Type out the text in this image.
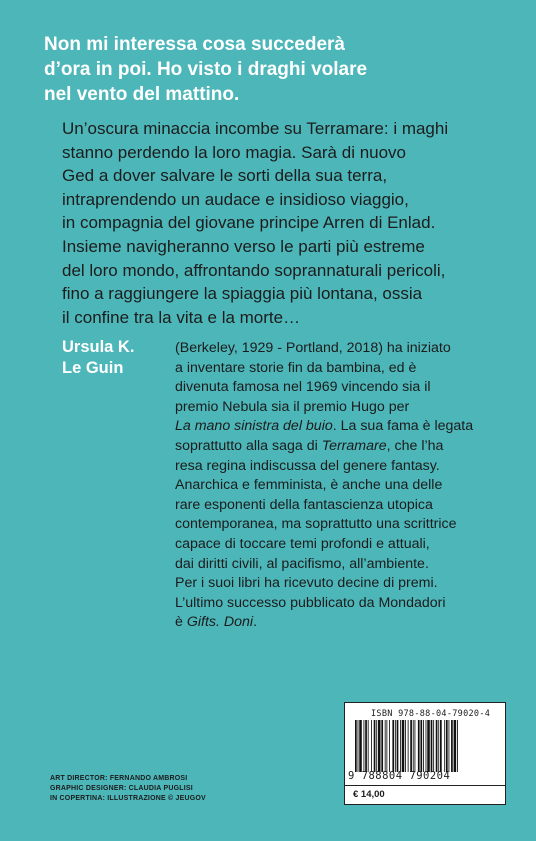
Non mi interessa cosa succederà
d’ora in poi. Ho visto i draghi volare
nel vento del mattino.
Un’oscura minaccia incombe su Terramare: i maghi
stanno perdendo la loro magia. Sarà di nuovo
Ged a dover salvare le sorti della sua terra,
intraprendendo un audace e insidioso viaggio,
in compagnia del giovane principe Arren di Enlad.
Insieme navigheranno verso le parti più estreme
del loro mondo, affrontando soprannaturali pericoli,
fino a raggiungere la spiaggia più lontana, ossia
il confine tra la vita e la morte…
Ursula K.
Le Guin
(Berkeley, 1929 - Portland, 2018) ha iniziato
a inventare storie fin da bambina, ed è
divenuta famosa nel 1969 vincendo sia il
premio Nebula sia il premio Hugo per
La mano sinistra del buio. La sua fama è legata
soprattutto alla saga di Terramare, che l’ha
resa regina indiscussa del genere fantasy.
Anarchica e femminista, è anche una delle
rare esponenti della fantascienza utopica
contemporanea, ma soprattutto una scrittrice
capace di toccare temi profondi e attuali,
dai diritti civili, al pacifismo, all’ambiente.
Per i suoi libri ha ricevuto decine di premi.
L’ultimo successo pubblicato da Mondadori
è Gifts. Doni.
ART DIRECTOR: FERNANDO AMBROSI
GRAPHIC DESIGNER: CLAUDIA PUGLISI
IN COPERTINA: ILLUSTRAZIONE © JEUGOV
ISBN 978-88-04-79020-4
9 788804 790204
€ 14,00
